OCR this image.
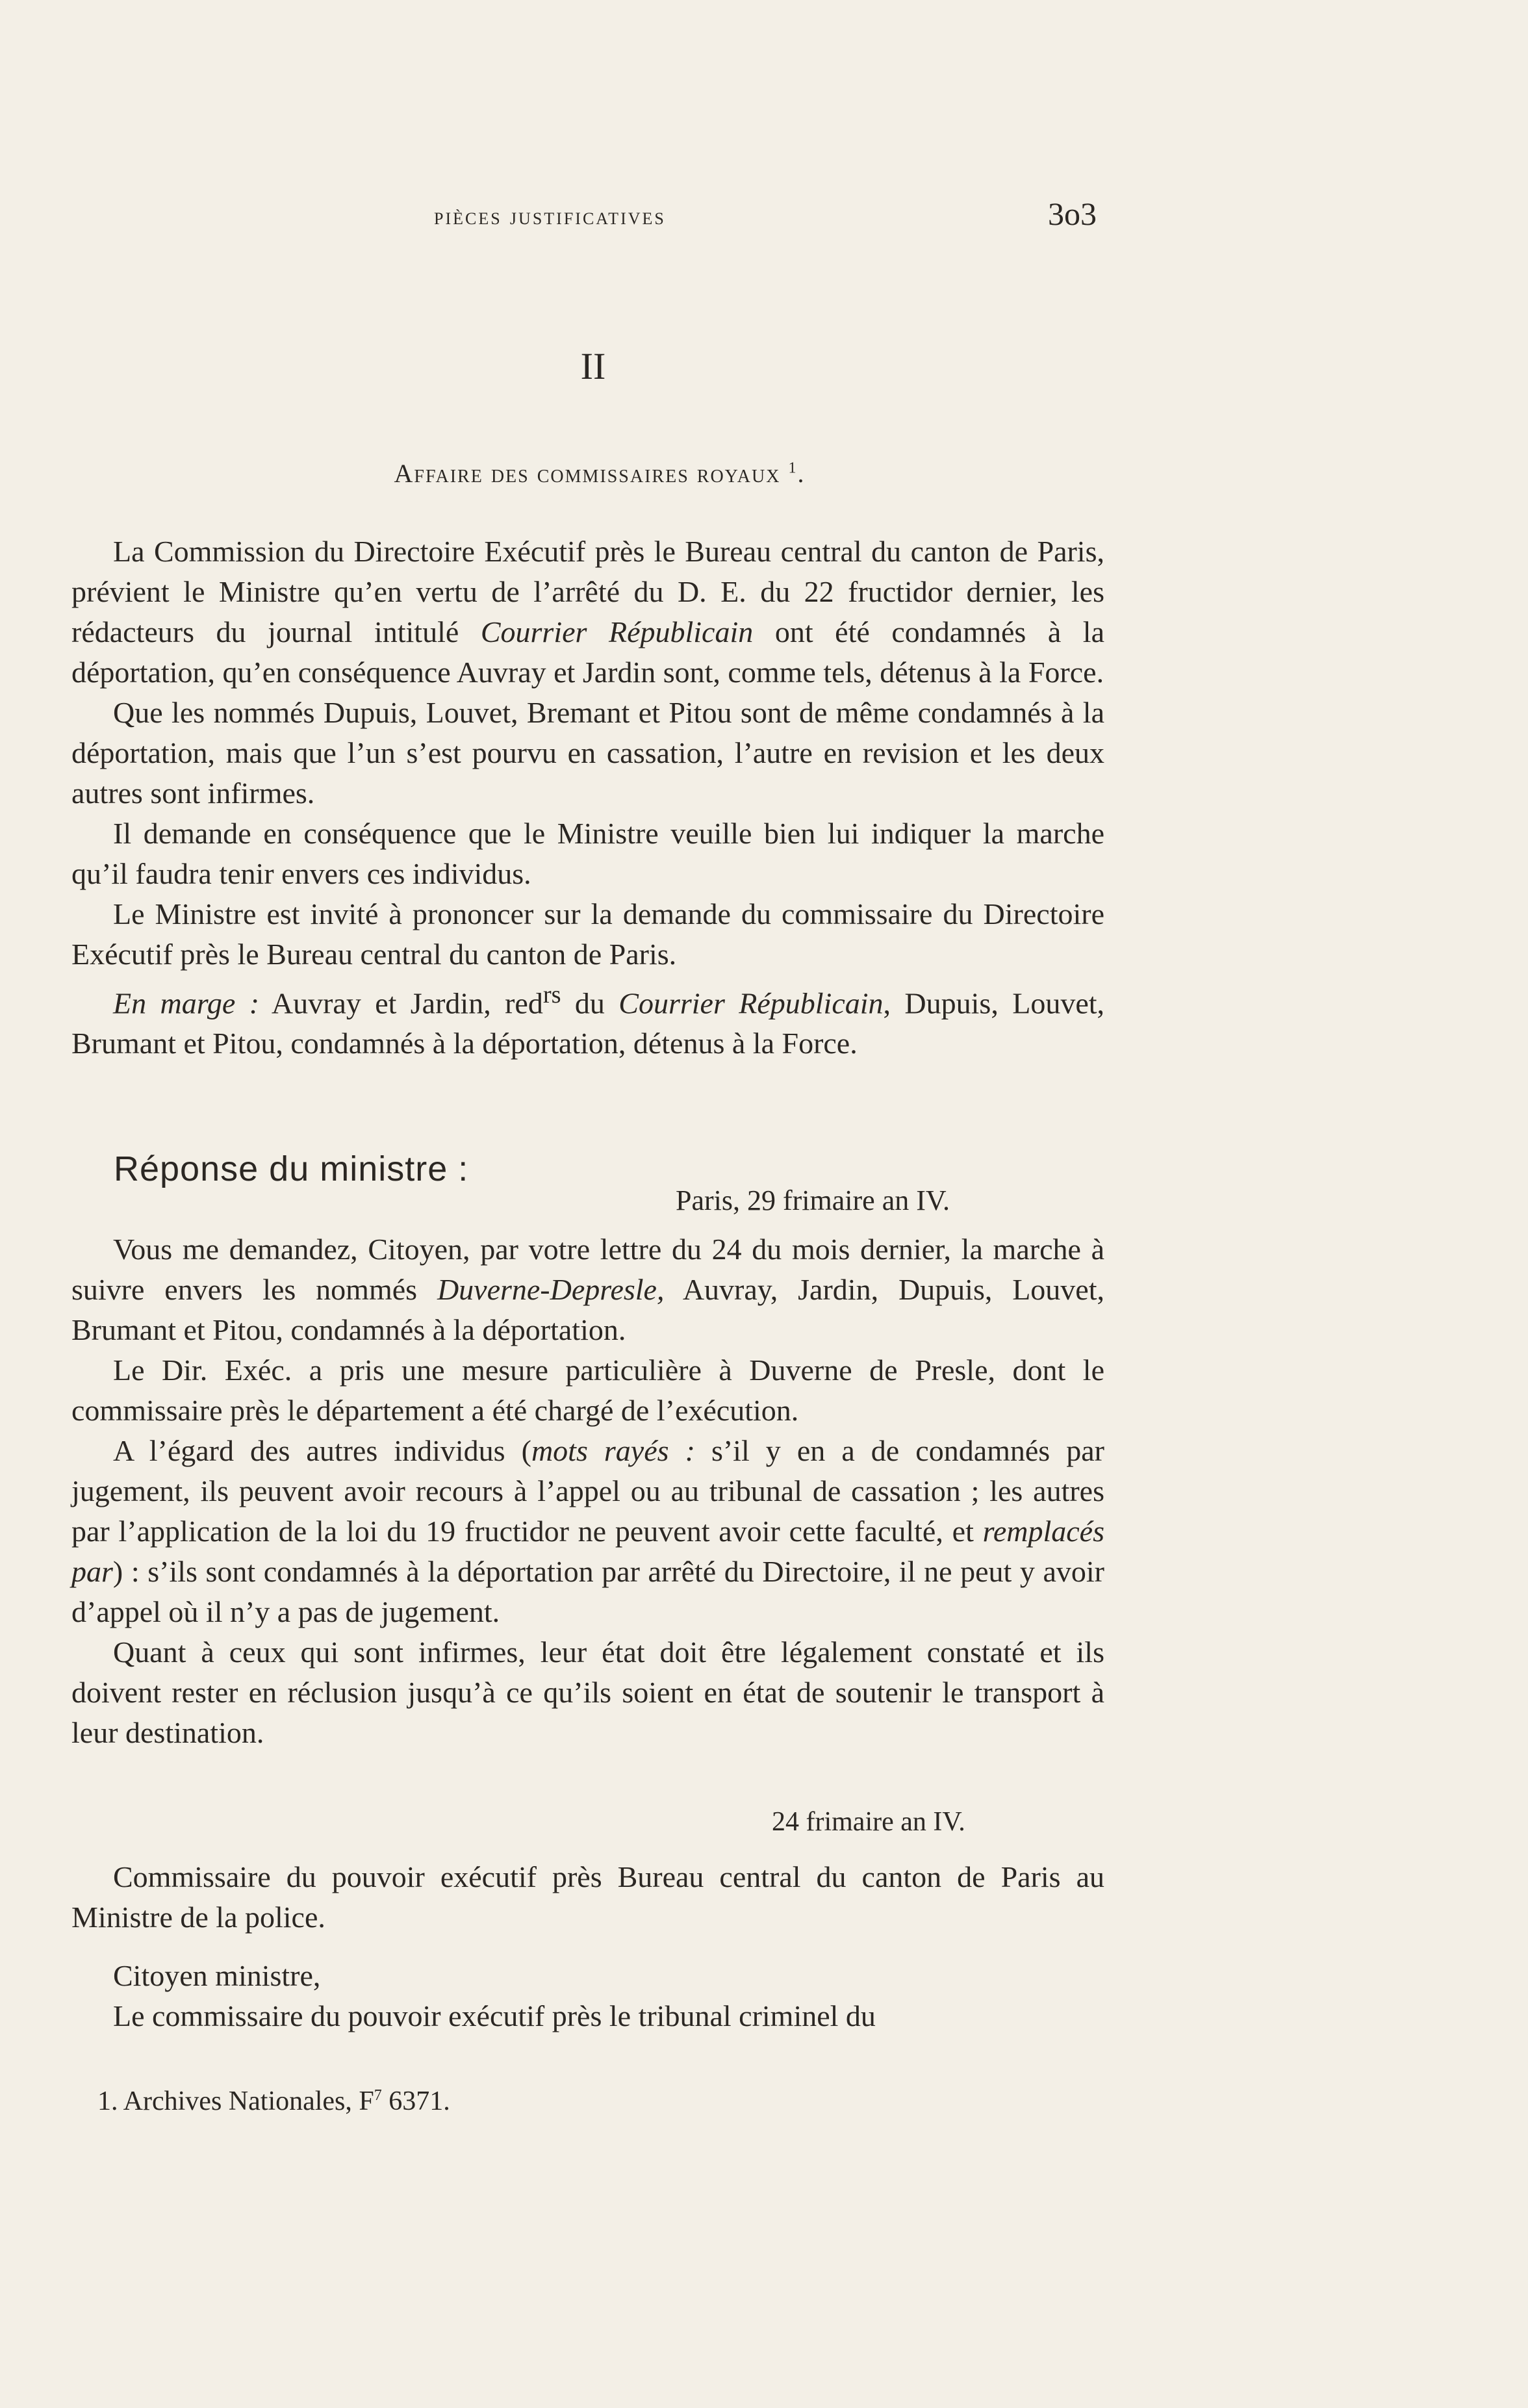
pièces justificatives	3o3
II
Affaire des commissaires royaux $^1$.

La Commission du Directoire Exécutif près le Bureau central du canton de Paris, prévient le Ministre qu’en vertu de l’arrêté du D. E. du 22 fructidor dernier, les rédacteurs du journal intitulé Courrier Républicain ont été condamnés à la déportation, qu’en conséquence Auvray et Jardin sont, comme tels, détenus à la Force.

Que les nommés Dupuis, Louvet, Bremant et Pitou sont de même condamnés à la déportation, mais que l’un s’est pourvu en cassation, l’autre en revision et les deux autres sont infirmes.

Il demande en conséquence que le Ministre veuille bien lui indiquer la marche qu’il faudra tenir envers ces individus.

Le Ministre est invité à prononcer sur la demande du commissaire du Directoire Exécutif près le Bureau central du canton de Paris.

En marge : Auvray et Jardin, red$^{rs}$ du Courrier Républicain, Dupuis, Louvet, Brumant et Pitou, condamnés à la déportation, détenus à la Force.

Réponse du ministre :
Paris, 29 frimaire an IV.

Vous me demandez, Citoyen, par votre lettre du 24 du mois dernier, la marche à suivre envers les nommés Duverne-Depresle, Auvray, Jardin, Dupuis, Louvet, Brumant et Pitou, condamnés à la déportation.

Le Dir. Exéc. a pris une mesure particulière à Duverne de Presle, dont le commissaire près le département a été chargé de l’exécution.

A l’égard des autres individus (mots rayés : s’il y en a de condamnés par jugement, ils peuvent avoir recours à l’appel ou au tribunal de cassation ; les autres par l’application de la loi du 19 fructidor ne peuvent avoir cette faculté, et remplacés par) : s’ils sont condamnés à la déportation par arrêté du Directoire, il ne peut y avoir d’appel où il n’y a pas de jugement.

Quant à ceux qui sont infirmes, leur état doit être légalement constaté et ils doivent rester en réclusion jusqu’à ce qu’ils soient en état de soutenir le transport à leur destination.

24 frimaire an IV.

Commissaire du pouvoir exécutif près Bureau central du canton de Paris au Ministre de la police.

Citoyen ministre,

Le commissaire du pouvoir exécutif près le tribunal criminel du

1. Archives Nationales, $F^7$ 6371.
